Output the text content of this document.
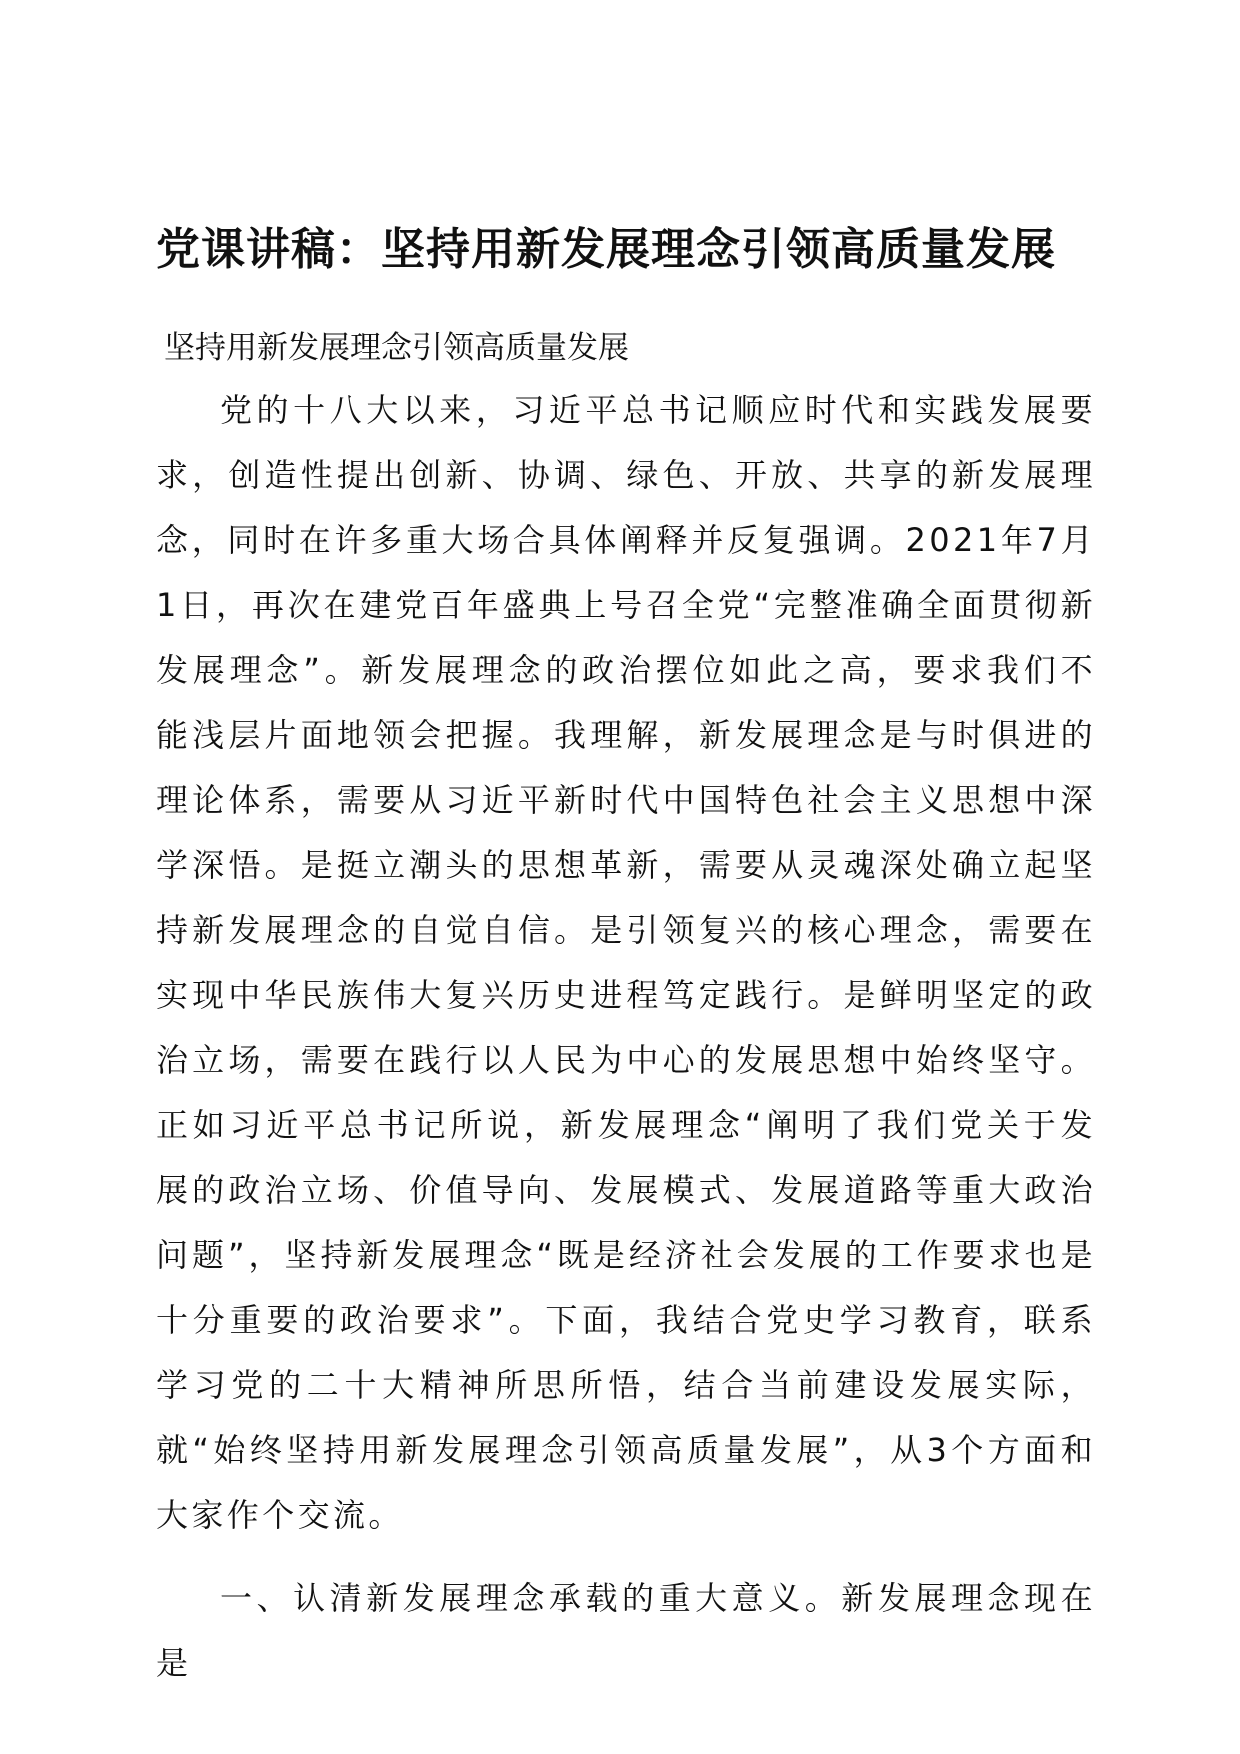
党课讲稿：坚持用新发展理念引领高质量发展
坚持用新发展理念引领高质量发展

党的十八大以来，习近平总书记顺应时代和实践发展要求，创造性提出创新、协调、绿色、开放、共享的新发展理念，同时在许多重大场合具体阐释并反复强调。2021年7月1日，再次在建党百年盛典上号召全党“完整准确全面贯彻新发展理念”。新发展理念的政治摆位如此之高，要求我们不能浅层片面地领会把握。我理解，新发展理念是与时俱进的理论体系，需要从习近平新时代中国特色社会主义思想中深学深悟。是挺立潮头的思想革新，需要从灵魂深处确立起坚持新发展理念的自觉自信。是引领复兴的核心理念，需要在实现中华民族伟大复兴历史进程笃定践行。是鲜明坚定的政治立场，需要在践行以人民为中心的发展思想中始终坚守。正如习近平总书记所说，新发展理念“阐明了我们党关于发展的政治立场、价值导向、发展模式、发展道路等重大政治问题”，坚持新发展理念“既是经济社会发展的工作要求也是十分重要的政治要求”。下面，我结合党史学习教育，联系学习党的二十大精神所思所悟，结合当前建设发展实际，就“始终坚持用新发展理念引领高质量发展”，从3个方面和大家作个交流。

一、认清新发展理念承载的重大意义。新发展理念现在是
